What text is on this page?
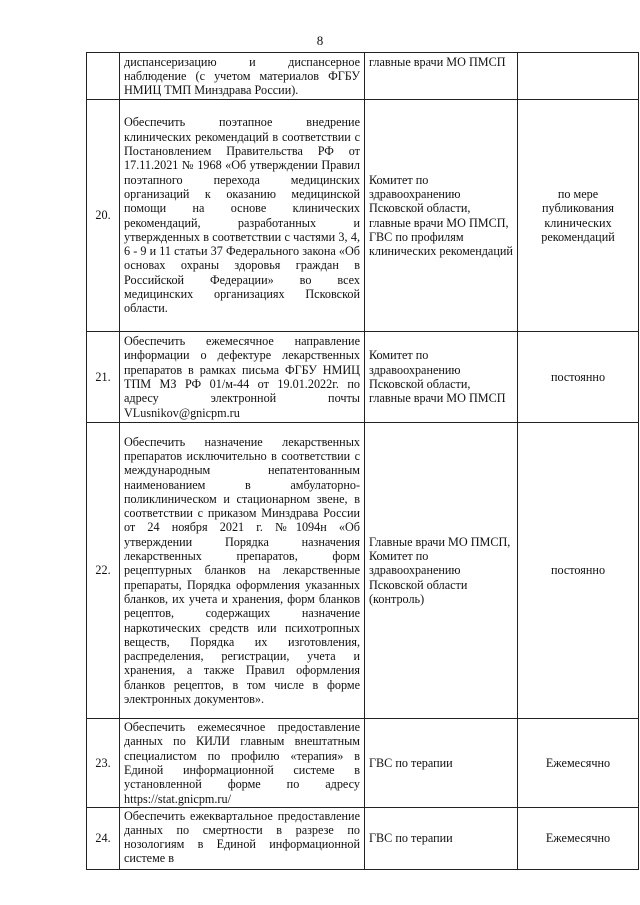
8
	диспансеризацию и диспансерное наблюдение (с учетом материалов ФГБУ НМИЦ ТМП Минздрава России).	главные врачи МО ПМСП	
20.	Обеспечить поэтапное внедрение клинических рекомендаций в соответствии с Постановлением Правительства РФ от 17.11.2021 № 1968 «Об утверждении Правил поэтапного перехода медицинских организаций к оказанию медицинской помощи на основе клинических рекомендаций, разработанных и утвержденных в соответствии с частями 3, 4, 6 - 9 и 11 статьи 37 Федерального закона «Об основах охраны здоровья граждан в Российской Федерации» во всех медицинских организациях Псковской области.	Комитет по здравоохранению Псковской области, главные врачи МО ПМСП, ГВС по профилям клинических рекомендаций	по мере публикования клинических рекомендаций
21.	Обеспечить ежемесячное направление информации о дефектуре лекарственных препаратов в рамках письма ФГБУ НМИЦ ТПМ МЗ РФ 01/м-44 от 19.01.2022г. по адресу электронной почты VLusnikov@gnicpm.ru	Комитет по здравоохранению Псковской области, главные врачи МО ПМСП	постоянно
22.	Обеспечить назначение лекарственных препаратов исключительно в соответствии с международным непатентованным наименованием в амбулаторно-поликлиническом и стационарном звене, в соответствии с приказом Минздрава России от 24 ноября 2021 г. №1094н «Об утверждении Порядка назначения лекарственных препаратов, форм рецептурных бланков на лекарственные препараты, Порядка оформления указанных бланков, их учета и хранения, форм бланков рецептов, содержащих назначение наркотических средств или психотропных веществ, Порядка их изготовления, распределения, регистрации, учета и хранения, а также Правил оформления бланков рецептов, в том числе в форме электронных документов».	Главные врачи МО ПМСП, Комитет по здравоохранению Псковской области (контроль)	постоянно
23.	Обеспечить ежемесячное предоставление данных по КИЛИ главным внештатным специалистом по профилю «терапия» в Единой информационной системе в установленной форме по адресу https://stat.gnicpm.ru/	ГВС по терапии	Ежемесячно
24.	Обеспечить ежеквартальное предоставление данных по смертности в разрезе по нозологиям в Единой информационной системе в	ГВС по терапии	Ежемесячно
